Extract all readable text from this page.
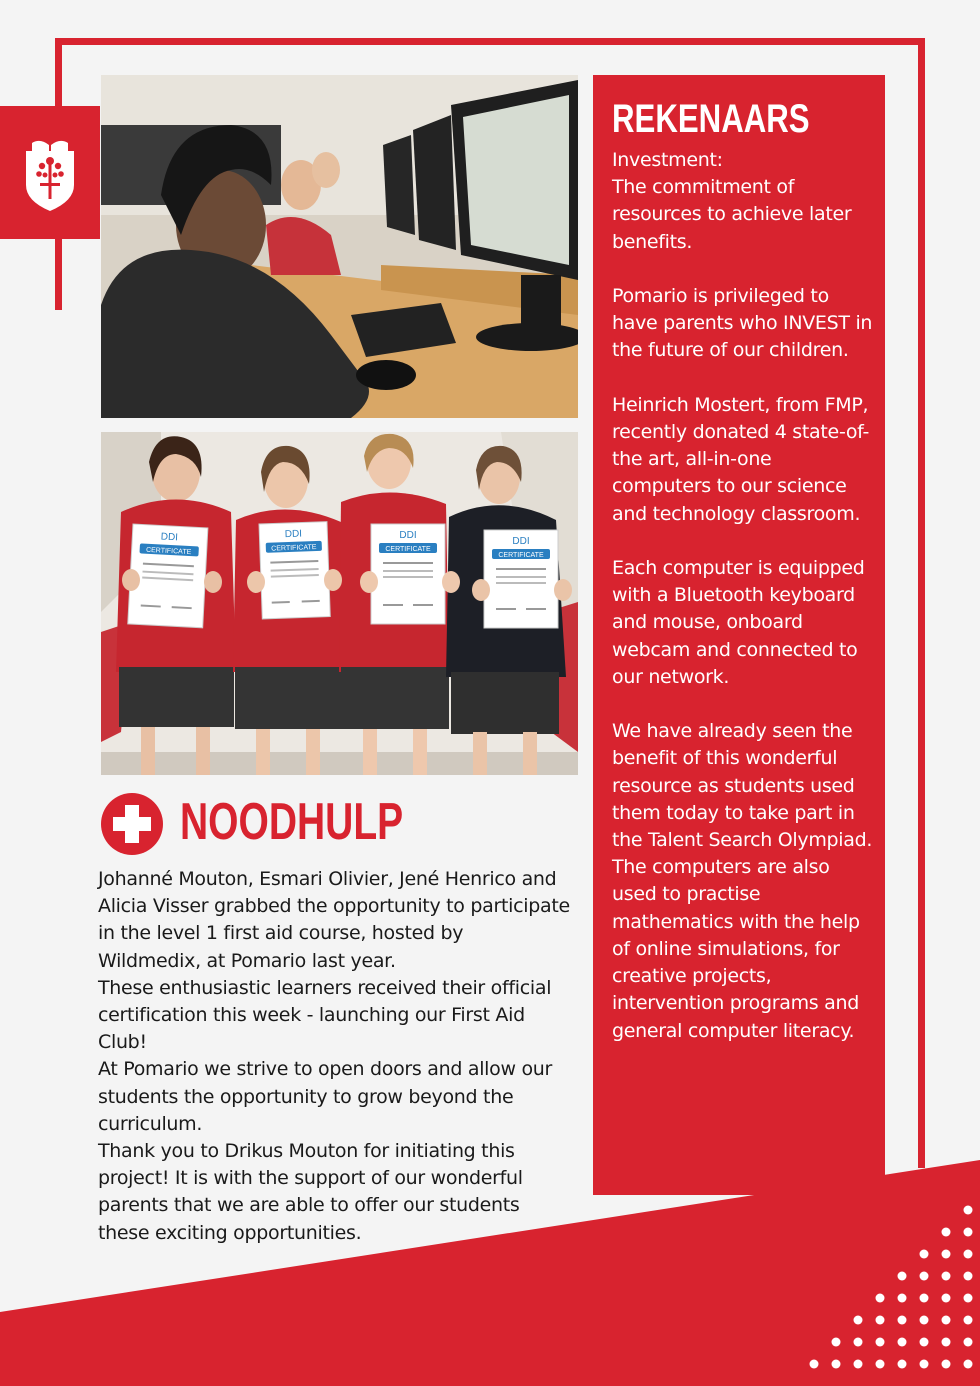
DDI
CERTIFICATE
DDI
CERTIFICATE
DDI
CERTIFICATE
DDI
CERTIFICATE
REKENAARS

Investment:
The commitment of resources to achieve later benefits.

Pomario is privileged to have parents who INVEST in the future of our children.

Heinrich Mostert, from FMP, recently donated 4 state-of-the art, all-in-one computers to our science and technology classroom.

Each computer is equipped with a Bluetooth keyboard and mouse, onboard webcam and connected to our network.

We have already seen the benefit of this wonderful resource as students used them today to take part in the Talent Search Olympiad. The computers are also used to practise mathematics with the help of online simulations, for creative projects, intervention programs and general computer literacy.

NOODHULP

Johanné Mouton, Esmari Olivier, Jené Henrico and Alicia Visser grabbed the opportunity to participate in the level 1 first aid course, hosted by Wildmedix, at Pomario last year.

These enthusiastic learners received their official certification this week - launching our First Aid Club!

At Pomario we strive to open doors and allow our students the opportunity to grow beyond the curriculum.

Thank you to Drikus Mouton for initiating this project! It is with the support of our wonderful parents that we are able to offer our students these exciting opportunities.
